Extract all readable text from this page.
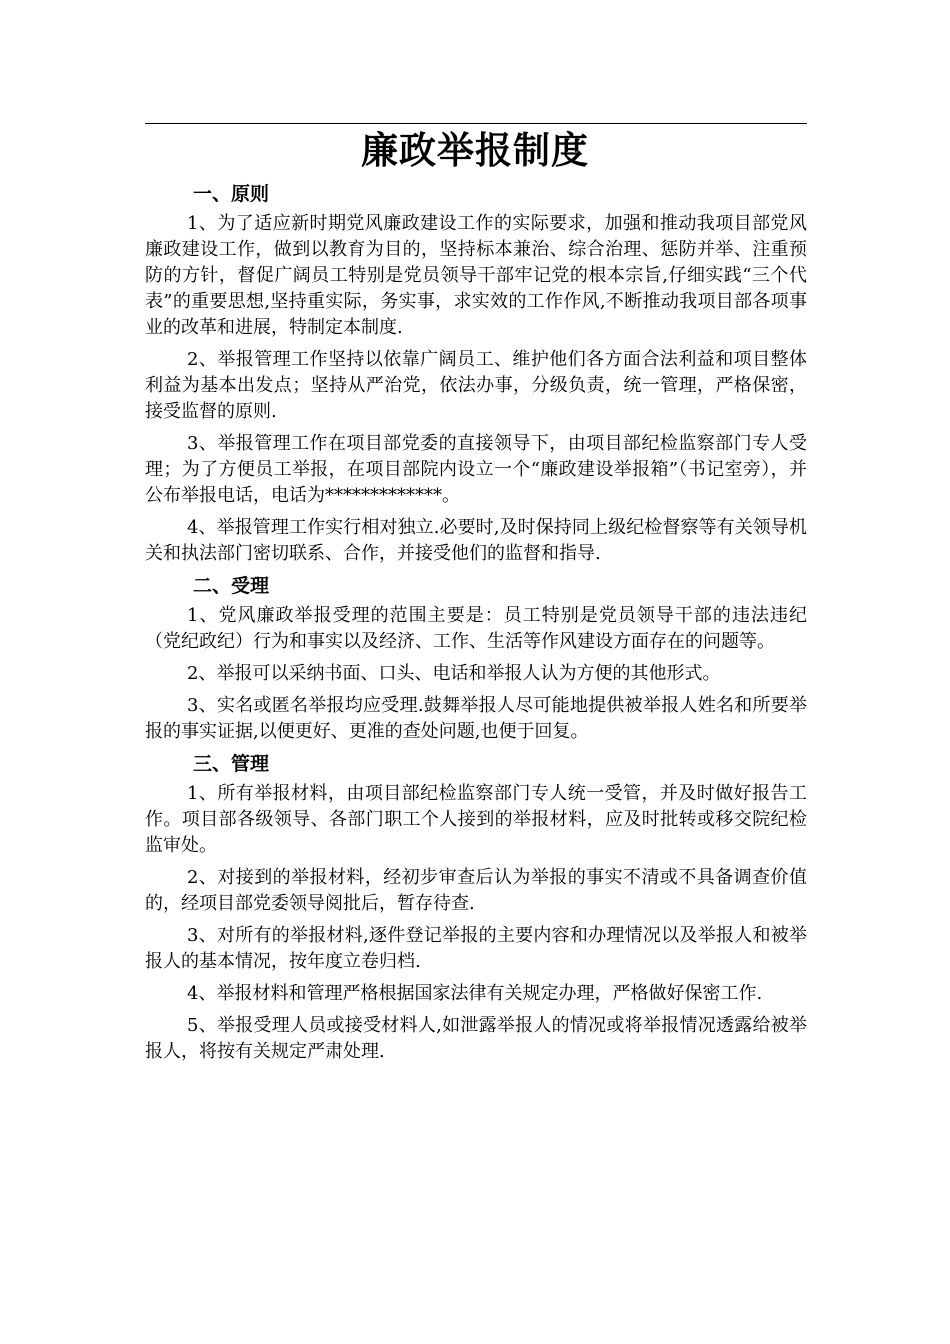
廉政举报制度
一、原则

1、为了适应新时期党风廉政建设工作的实际要求，加强和推动我项目部党风廉政建设工作，做到以教育为目的，坚持标本兼治、综合治理、惩防并举、注重预防的方针，督促广阔员工特别是党员领导干部牢记党的根本宗旨,仔细实践“三个代表”的重要思想,坚持重实际，务实事，求实效的工作作风,不断推动我项目部各项事业的改革和进展，特制定本制度.

2、举报管理工作坚持以依靠广阔员工、维护他们各方面合法利益和项目整体利益为基本出发点；坚持从严治党，依法办事，分级负责，统一管理，严格保密，接受监督的原则.

3、举报管理工作在项目部党委的直接领导下，由项目部纪检监察部门专人受理；为了方便员工举报，在项目部院内设立一个“廉政建设举报箱”（书记室旁），并公布举报电话，电话为*************。

4、举报管理工作实行相对独立.必要时,及时保持同上级纪检督察等有关领导机关和执法部门密切联系、合作，并接受他们的监督和指导.

二、受理

1、党风廉政举报受理的范围主要是：员工特别是党员领导干部的违法违纪（党纪政纪）行为和事实以及经济、工作、生活等作风建设方面存在的问题等。

2、举报可以采纳书面、口头、电话和举报人认为方便的其他形式。

3、实名或匿名举报均应受理.鼓舞举报人尽可能地提供被举报人姓名和所要举报的事实证据,以便更好、更准的查处问题,也便于回复。

三、管理

1、所有举报材料，由项目部纪检监察部门专人统一受管，并及时做好报告工作。项目部各级领导、各部门职工个人接到的举报材料，应及时批转或移交院纪检监审处。

2、对接到的举报材料，经初步审查后认为举报的事实不清或不具备调查价值的，经项目部党委领导阅批后，暂存待查.

3、对所有的举报材料,逐件登记举报的主要内容和办理情况以及举报人和被举报人的基本情况，按年度立卷归档.

4、举报材料和管理严格根据国家法律有关规定办理，严格做好保密工作.

5、举报受理人员或接受材料人,如泄露举报人的情况或将举报情况透露给被举报人，将按有关规定严肃处理.
